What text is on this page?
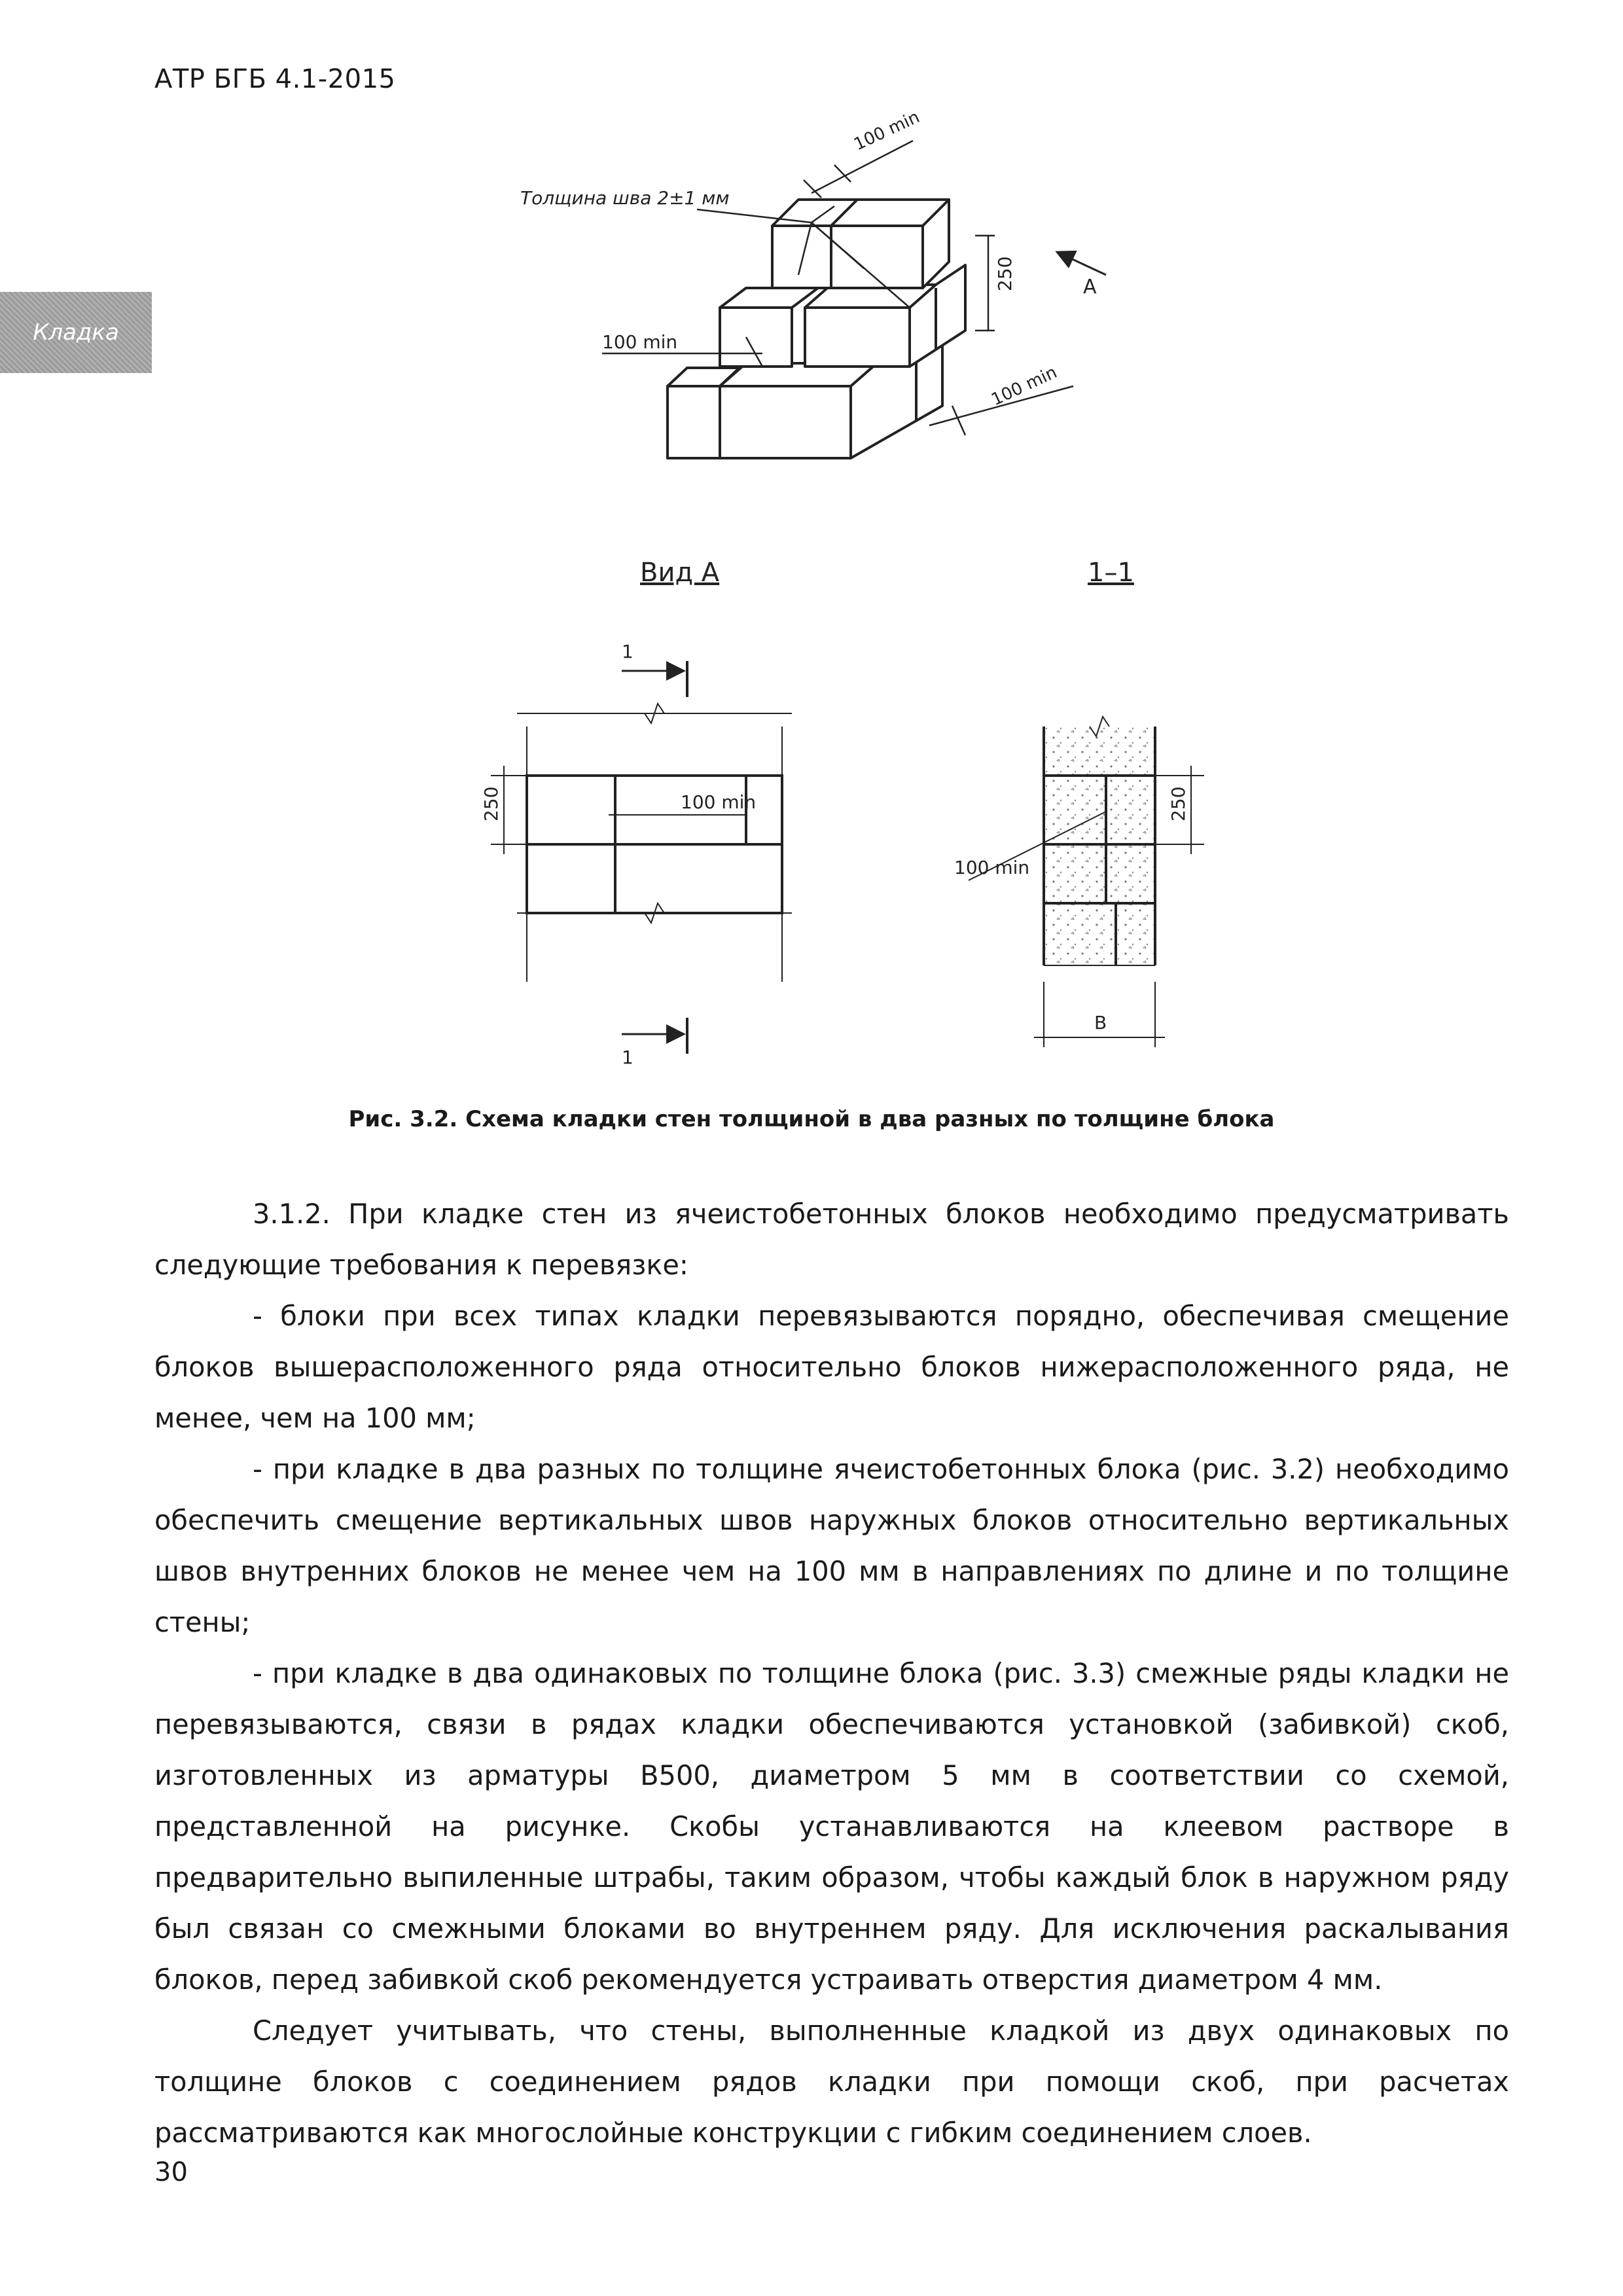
АТР БГБ 4.1-2015
Кладка
Толщина шва 2±1 мм
100 min
100 min
250
100 min
А
Вид А
1
1
250	100 min
1–1
100 min
250
B
Рис. 3.2. Схема кладки стен толщиной в два разных по толщине блока

3.1.2. При кладке стен из ячеистобетонных блоков необходимо предусматривать следующие требования к перевязке:

- блоки при всех типах кладки перевязываются порядно, обеспечивая смещение блоков вышерасположенного ряда относительно блоков нижерасположенного ряда, не менее, чем на 100 мм;

- при кладке в два разных по толщине ячеистобетонных блока (рис. 3.2) необходимо обеспечить смещение вертикальных швов наружных блоков относительно вертикальных швов внутренних блоков не менее чем на 100 мм в направлениях по длине и по толщине стены;

- при кладке в два одинаковых по толщине блока (рис. 3.3) смежные ряды кладки не перевязываются, связи в рядах кладки обеспечиваются установкой (забивкой) скоб, изготовленных из арматуры В500, диаметром 5 мм в соответствии со схемой, представленной на рисунке. Скобы устанавливаются на клеевом растворе в предварительно выпиленные штрабы, таким образом, чтобы каждый блок в наружном ряду был связан со смежными блоками во внутреннем ряду. Для исключения раскалывания блоков, перед забивкой скоб рекомендуется устраивать отверстия диаметром 4 мм.

Следует учитывать, что стены, выполненные кладкой из двух одинаковых по толщине блоков с соединением рядов кладки при помощи скоб, при расчетах рассматриваются как многослойные конструкции с гибким соединением слоев.

30
